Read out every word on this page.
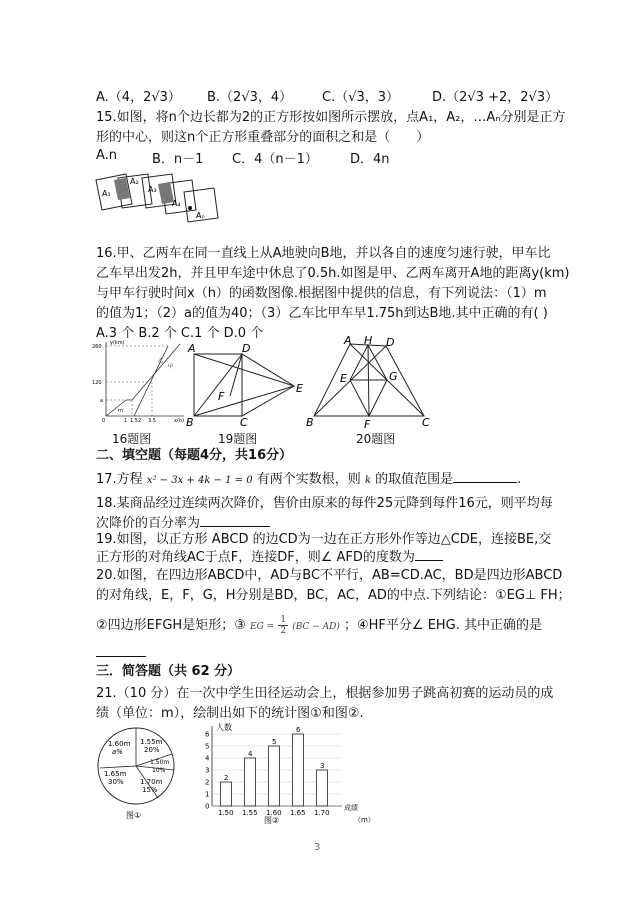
A.（4，2√3） B.（2√3，4） C.（√3，3）	D.（2√3 +2，2√3）
15.如图，将n个边长都为2的正方形按如图所示摆放，点A₁，A₂，…Aₙ分别是正方
形的中心，则这n个正方形重叠部分的面积之和是（　　）
A.n	B．n－1 C．4（n－1） D．4n
A₁
A₂
A₃
A₄
Aₙ
16.甲、乙两车在同一直线上从A地驶向B地，并以各自的速度匀速行驶，甲车比
乙车早出发2h，并且甲车途中休息了0.5h.如图是甲、乙两车离开A地的距离y(km)
与甲车行驶时间x（h）的函数图像.根据图中提供的信息，有下列说法：（1）m
的值为1；（2）a的值为40；（3）乙车比甲车早1.75h到达B地.其中正确的有( )
A.3 个 B.2 个 C.1 个 D.0 个
y(km)
x(h)
260
120
a
0	1 1.5 2 3.5
乙
甲
m
A	D
E
F
B	C
A H D
E	G
B	F	C
16题图	19题图	20题图
二、填空题（每题4分，共16分）
17.方程 x² − 3x + 4k − 1 = 0 有两个实数根，则 k 的取值范围是	.
18.某商品经过连续两次降价，售价由原来的每件25元降到每件16元，则平均每
次降价的百分率为
19.如图，以正方形 ABCD 的边CD为一边在正方形外作等边△CDE，连接BE,交
正方形的对角线AC于点F，连接DF，则∠ AFD的度数为
20.如图，在四边形ABCD中，AD与BC不平行，AB=CD.AC，BD是四边形ABCD
的对角线，E，F，G，H分别是BD，BC，AC，AD的中点.下列结论：①EG⊥ FH；
②四边形EFGH是矩形；③ EG = $\frac{1}{2} (BC - AD)$ ；④HF平分∠ EHG. 其中正确的是
三．简答题（共 62 分）
21.（10 分）在一次中学生田径运动会上，根据参加男子跳高初赛的运动员的成
绩（单位：m），绘制出如下的统计图①和图②.
1.60m
a%
1.55m
20%
1.50m
10%
1.70m
15%
1.65m
30%
图①
人数
成绩
（m）
图②
0
1
2
3
4
5
6
2
1.50
4
1.55
5
1.60
6
1.65
3
1.70
3
